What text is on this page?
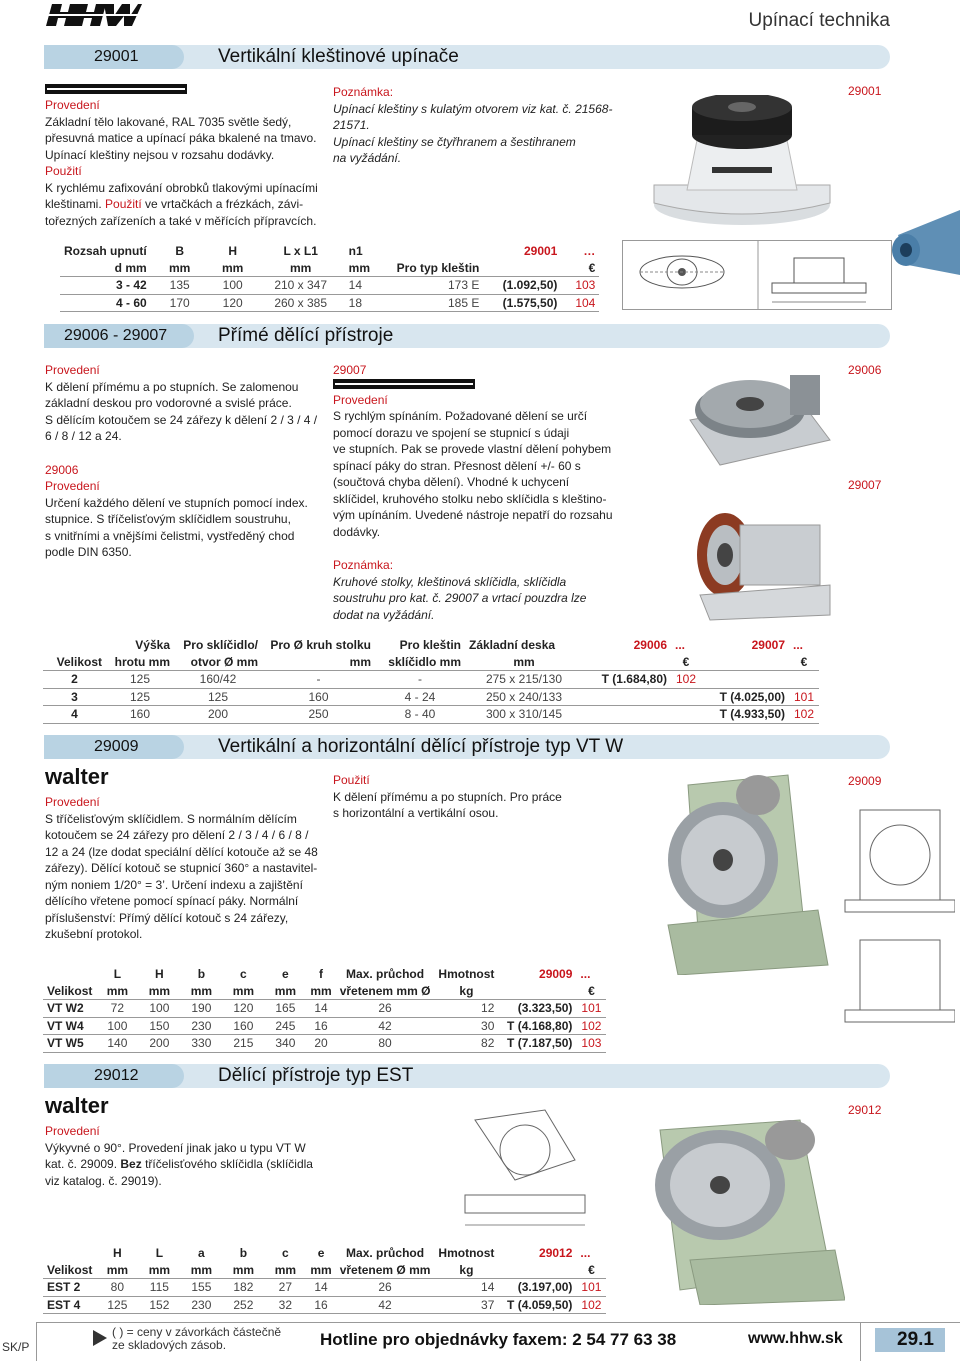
Upínací technika
29001	Vertikální kleštinové upínače
Provedení
Základní tělo lakované, RAL 7035 světle šedý,
přesuvná matice a upínací páka bkalené na tmavo.
Upínací kleštiny nejsou v rozsahu dodávky.
Použití
K rychlému zafixování obrobků tlakovými upínacími
kleštinami. Použití ve vrtačkách a frézkách, závi-
tořezných zařízeních a také v měřících přípravcích.
Poznámka:
Upínací kleštiny s kulatým otvorem viz kat. č. 21568-
21571.
Upínací kleštiny se čtyřhranem a šestihranem
na vyžádání.
29001
Rozsah upnutí	B	H	L x L1	n1		29001	…
d mm	mm	mm	mm	mm	Pro typ kleštin		€
3 - 42	135	100	210 x 347	14	173 E	(1.092,50)	103
4 - 60	170	120	260 x 385	18	185 E	(1.575,50)	104
29006 - 29007	Přímé dělící přístroje
Provedení
K dělení přímému a po stupních. Se zalomenou
základní deskou pro vodorovné a svislé práce.
S dělícím kotoučem se 24 zářezy k dělení 2 / 3 / 4 /
6 / 8 / 12 a 24.
29006
Provedení
Určení každého dělení ve stupních pomocí index.
stupnice. S tříčelisťovým sklíčidlem soustruhu,
s vnitřními a vnějšími čelistmi, vystředěný chod
podle DIN 6350.
29007
Provedení
S rychlým spínáním. Požadované dělení se určí
pomocí dorazu ve spojení se stupnicí s údaji
ve stupních. Pak se provede vlastní dělení pohybem
spínací páky do stran. Přesnost dělení +/- 60 s
(součtová chyba dělení). Vhodné k uchycení
sklíčidel, kruhového stolku nebo sklíčidla s kleštino-
vým upínáním. Uvedené nástroje nepatří do rozsahu
dodávky.
Poznámka:
Kruhové stolky, kleštinová sklíčidla, sklíčidla
soustruhu pro kat. č. 29007 a vrtací pouzdra lze
dodat na vyžádání.
29006
29007
	Výška	Pro sklíčidlo/	Pro Ø kruh stolku	Pro kleštin	Základní deska	29006	...	29007	...
Velikost	hrotu mm	otvor Ø mm	mm	sklíčidlo mm	mm		€		€
2	125	160/42	-	-	275 x 215/130	T (1.684,80)	102		
3	125	125	160	4 - 24	250 x 240/133			T (4.025,00)	101
4	160	200	250	8 - 40	300 x 310/145			T (4.933,50)	102
29009	Vertikální a horizontální dělící přístroje typ VT W
walter
Provedení
S tříčelisťovým sklíčidlem. S normálním dělícím
kotoučem se 24 zářezy pro dělení 2 / 3 / 4 / 6 / 8 /
12 a 24 (lze dodat speciální dělící kotouče až se 48
zářezy). Dělící kotouč se stupnicí 360° a nastavitel-
ným noniem 1/20° = 3’. Určení indexu a zajištění
dělícího vřetene pomocí spínací páky. Normální
příslušenství: Přímý dělící kotouč s 24 zářezy,
zkušební protokol.
Použití
K dělení přímému a po stupních. Pro práce
s horizontální a vertikální osou.
29009
	L	H	b	c	e	f	Max. průchod	Hmotnost	29009	...
Velikost	mm	mm	mm	mm	mm	mm	vřetenem mm Ø	kg		€
VT W2	72	100	190	120	165	14	26	12	(3.323,50)	101
VT W4	100	150	230	160	245	16	42	30	T (4.168,80)	102
VT W5	140	200	330	215	340	20	80	82	T (7.187,50)	103
29012	Dělící přístroje typ EST
walter
Provedení
Výkyvné o 90°. Provedení jinak jako u typu VT W
kat. č. 29009. Bez tříčelisťového sklíčidla (sklíčidla
viz katalog. č. 29019).
29012
	H	L	a	b	c	e	Max. průchod	Hmotnost	29012	...
Velikost	mm	mm	mm	mm	mm	mm	vřetenem Ø mm	kg		€
EST 2	80	115	155	182	27	14	26	14	(3.197,00)	101
EST 4	125	152	230	252	32	16	42	37	T (4.059,50)	102
SK/P
( ) = ceny v závorkách částečně
ze skladových zásob.	Hotline pro objednávky faxem: 2 54 77 63 38	www.hhw.sk	29.1
